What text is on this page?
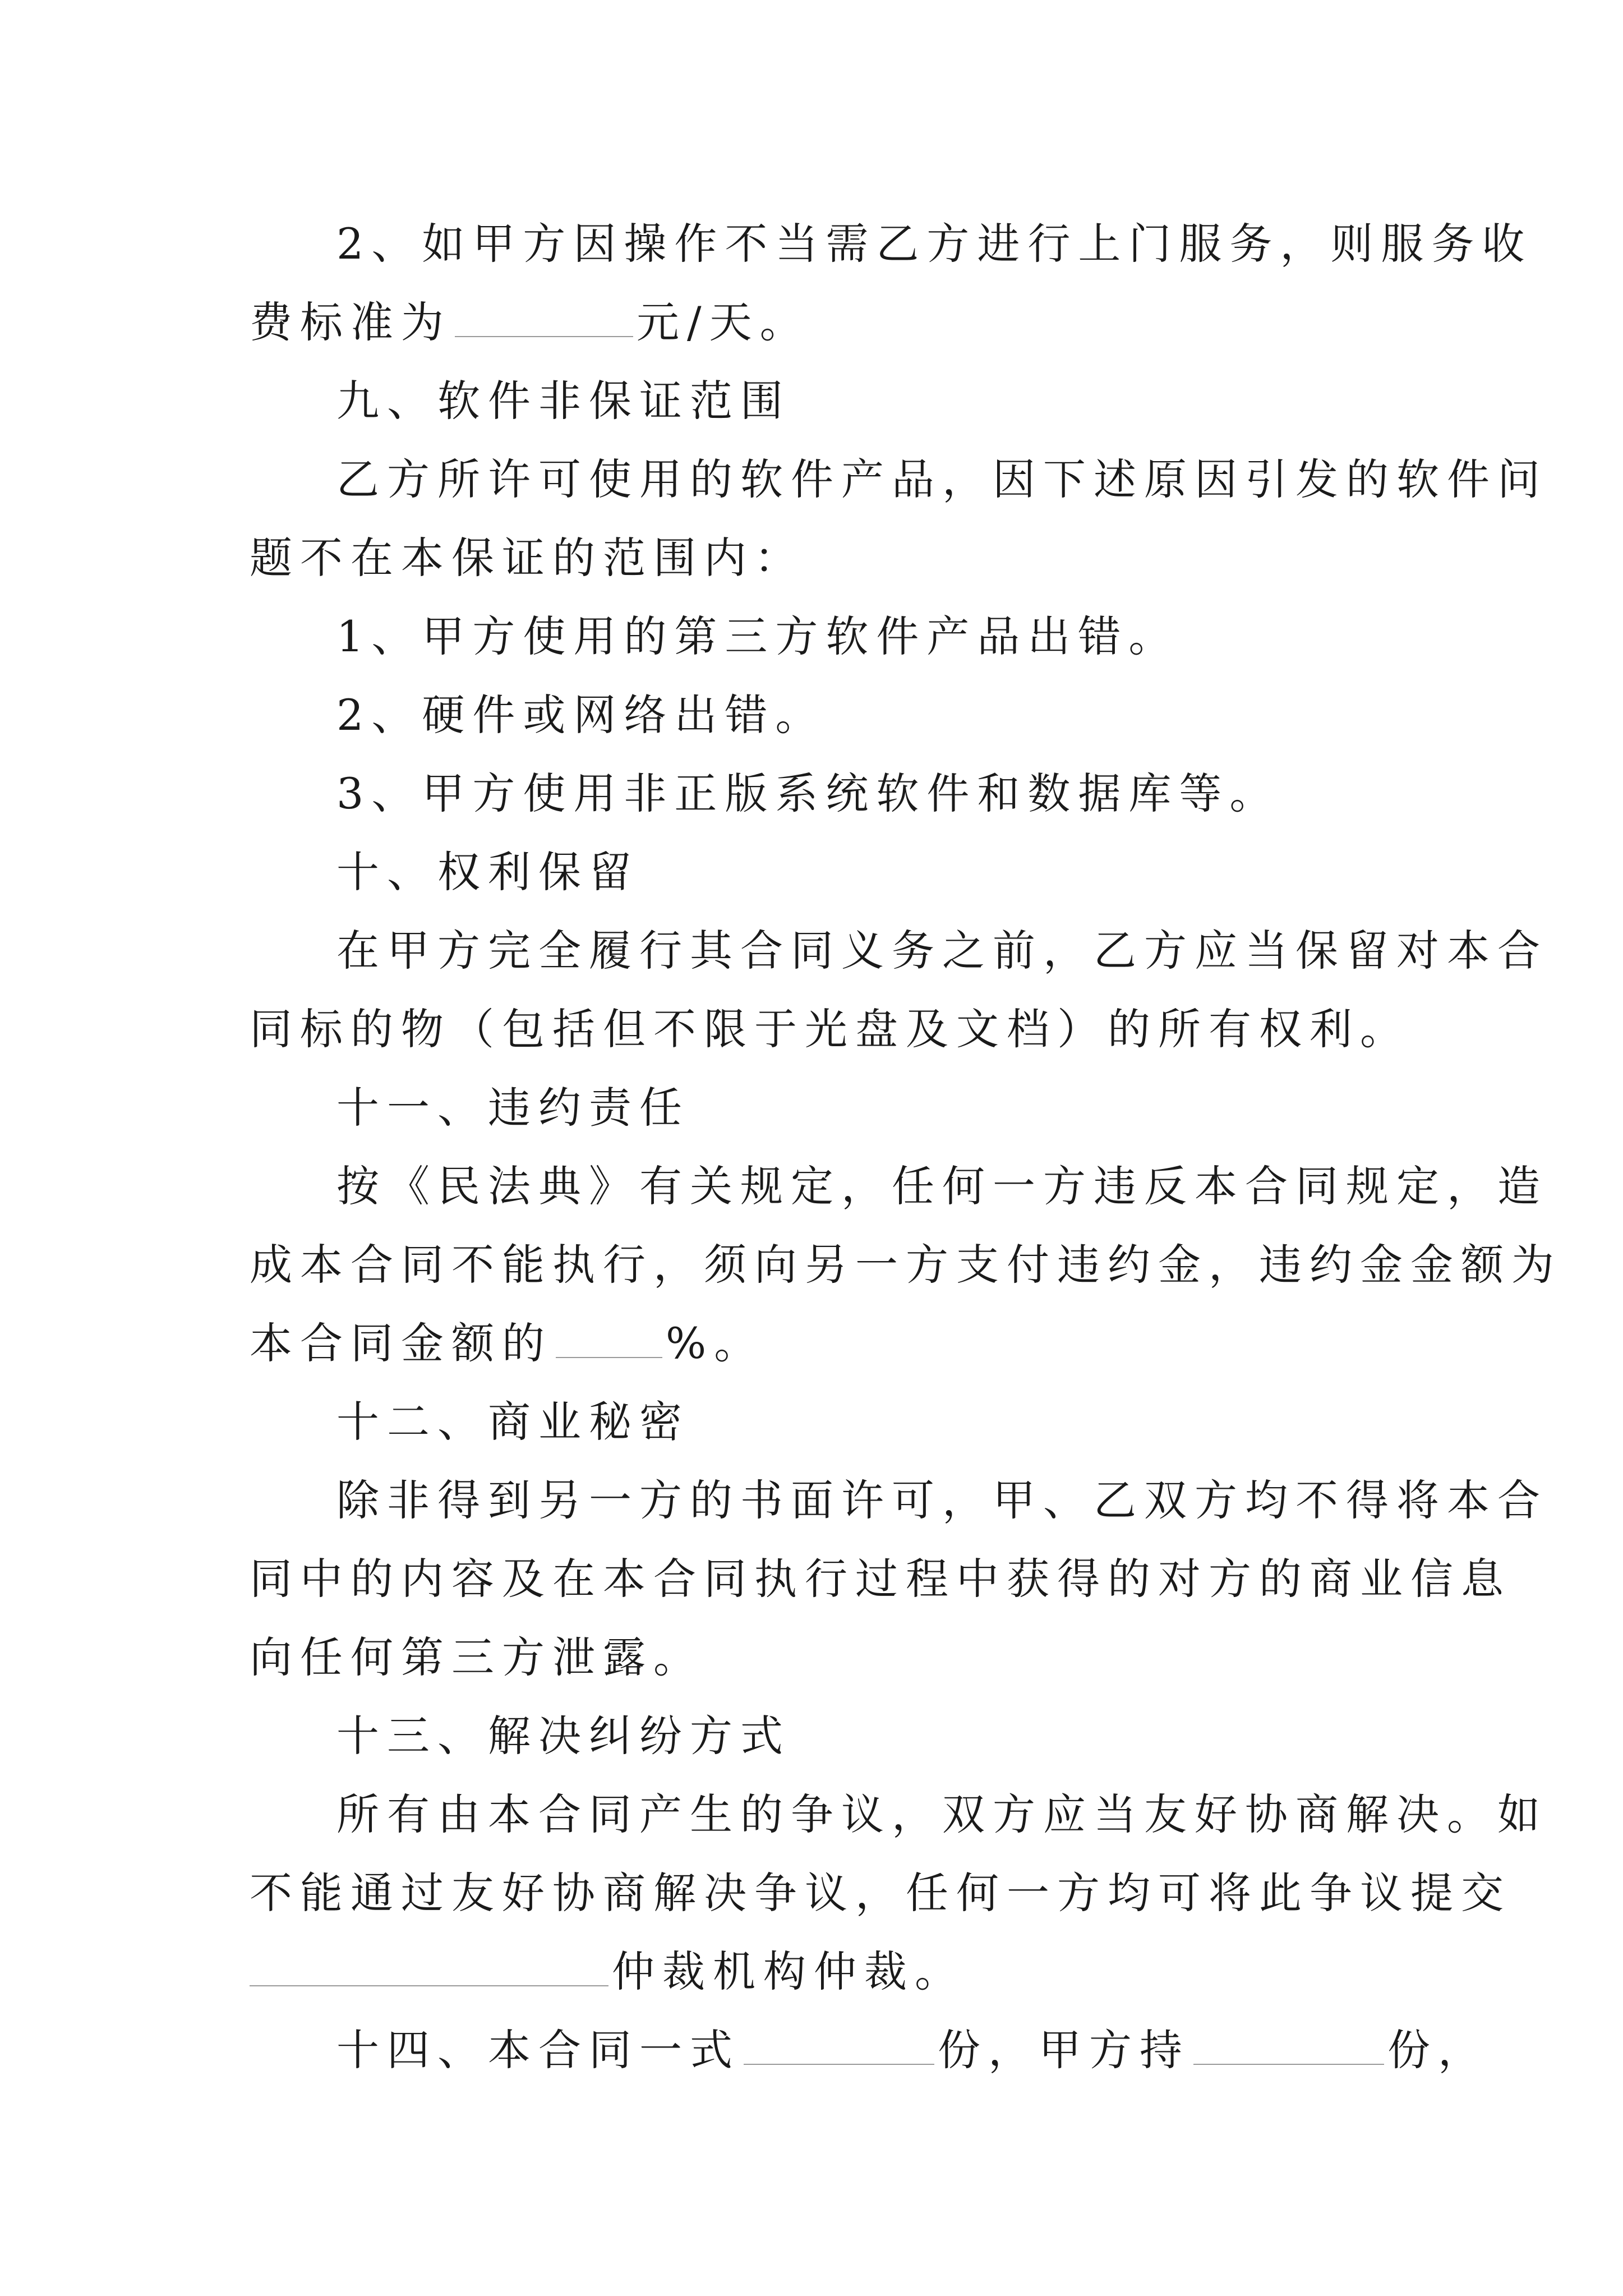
2、如甲方因操作不当需乙方进行上门服务，则服务收
费标准为	元/天。
九、软件非保证范围
乙方所许可使用的软件产品，因下述原因引发的软件问
题不在本保证的范围内：
1、甲方使用的第三方软件产品出错。
2、硬件或网络出错。
3、甲方使用非正版系统软件和数据库等。
十、权利保留
在甲方完全履行其合同义务之前，乙方应当保留对本合
同标的物（包括但不限于光盘及文档）的所有权利。
十一、违约责任
按《民法典》有关规定，任何一方违反本合同规定，造
成本合同不能执行，须向另一方支付违约金，违约金金额为
本合同金额的	%。
十二、商业秘密
除非得到另一方的书面许可，甲、乙双方均不得将本合
同中的内容及在本合同执行过程中获得的对方的商业信息
向任何第三方泄露。
十三、解决纠纷方式
所有由本合同产生的争议，双方应当友好协商解决。如
不能通过友好协商解决争议，任何一方均可将此争议提交
仲裁机构仲裁。
十四、本合同一式	份，甲方持	份，
